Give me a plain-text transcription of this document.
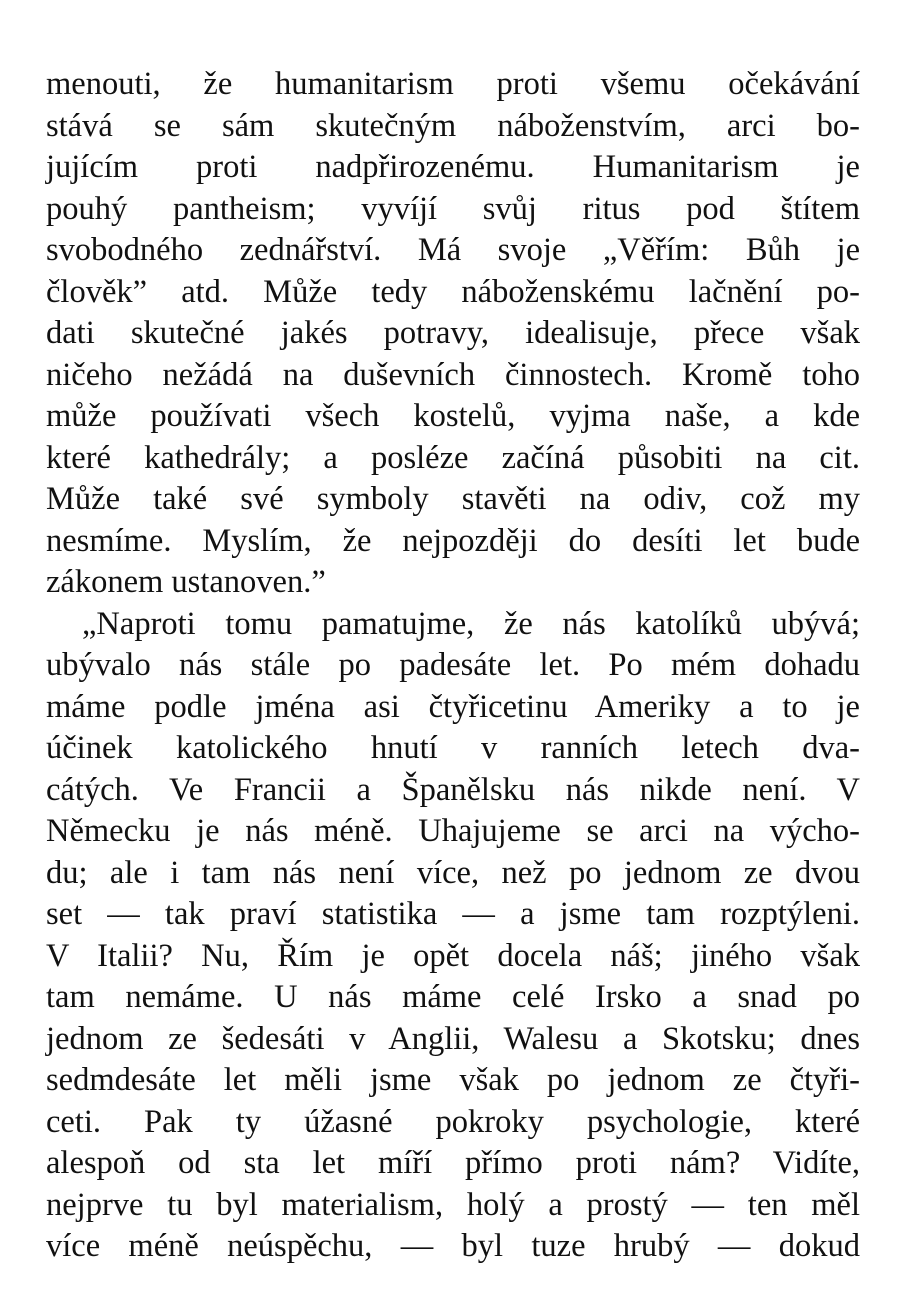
menouti, že humanitarism proti všemu očekávání
stává se sám skutečným náboženstvím, arci bo-
jujícím proti nadpřirozenému. Humanitarism je
pouhý pantheism; vyvíjí svůj ritus pod štítem
svobodného zednářství. Má svoje „Věřím: Bůh je
člověk” atd. Může tedy náboženskému lačnění po-
dati skutečné jakés potravy, idealisuje, přece však
ničeho nežádá na duševních činnostech. Kromě toho
může používati všech kostelů, vyjma naše, a kde
které kathedrály; a posléze začíná působiti na cit.
Může také své symboly stavěti na odiv, což my
nesmíme. Myslím, že nejpozději do desíti let bude
zákonem ustanoven.”
„Naproti tomu pamatujme, že nás katolíků ubývá;
ubývalo nás stále po padesáte let. Po mém dohadu
máme podle jména asi čtyřicetinu Ameriky a to je
účinek katolického hnutí v ranních letech dva-
cátých. Ve Francii a Španělsku nás nikde není. V
Německu je nás méně. Uhajujeme se arci na výcho-
du; ale i tam nás není více, než po jednom ze dvou
set — tak praví statistika — a jsme tam rozptýleni.
V Italii? Nu, Řím je opět docela náš; jiného však
tam nemáme. U nás máme celé Irsko a snad po
jednom ze šedesáti v Anglii, Walesu a Skotsku; dnes
sedmdesáte let měli jsme však po jednom ze čtyři-
ceti. Pak ty úžasné pokroky psychologie, které
alespoň od sta let míří přímo proti nám? Vidíte,
nejprve tu byl materialism, holý a prostý — ten měl
více méně neúspěchu, — byl tuze hrubý — dokud
